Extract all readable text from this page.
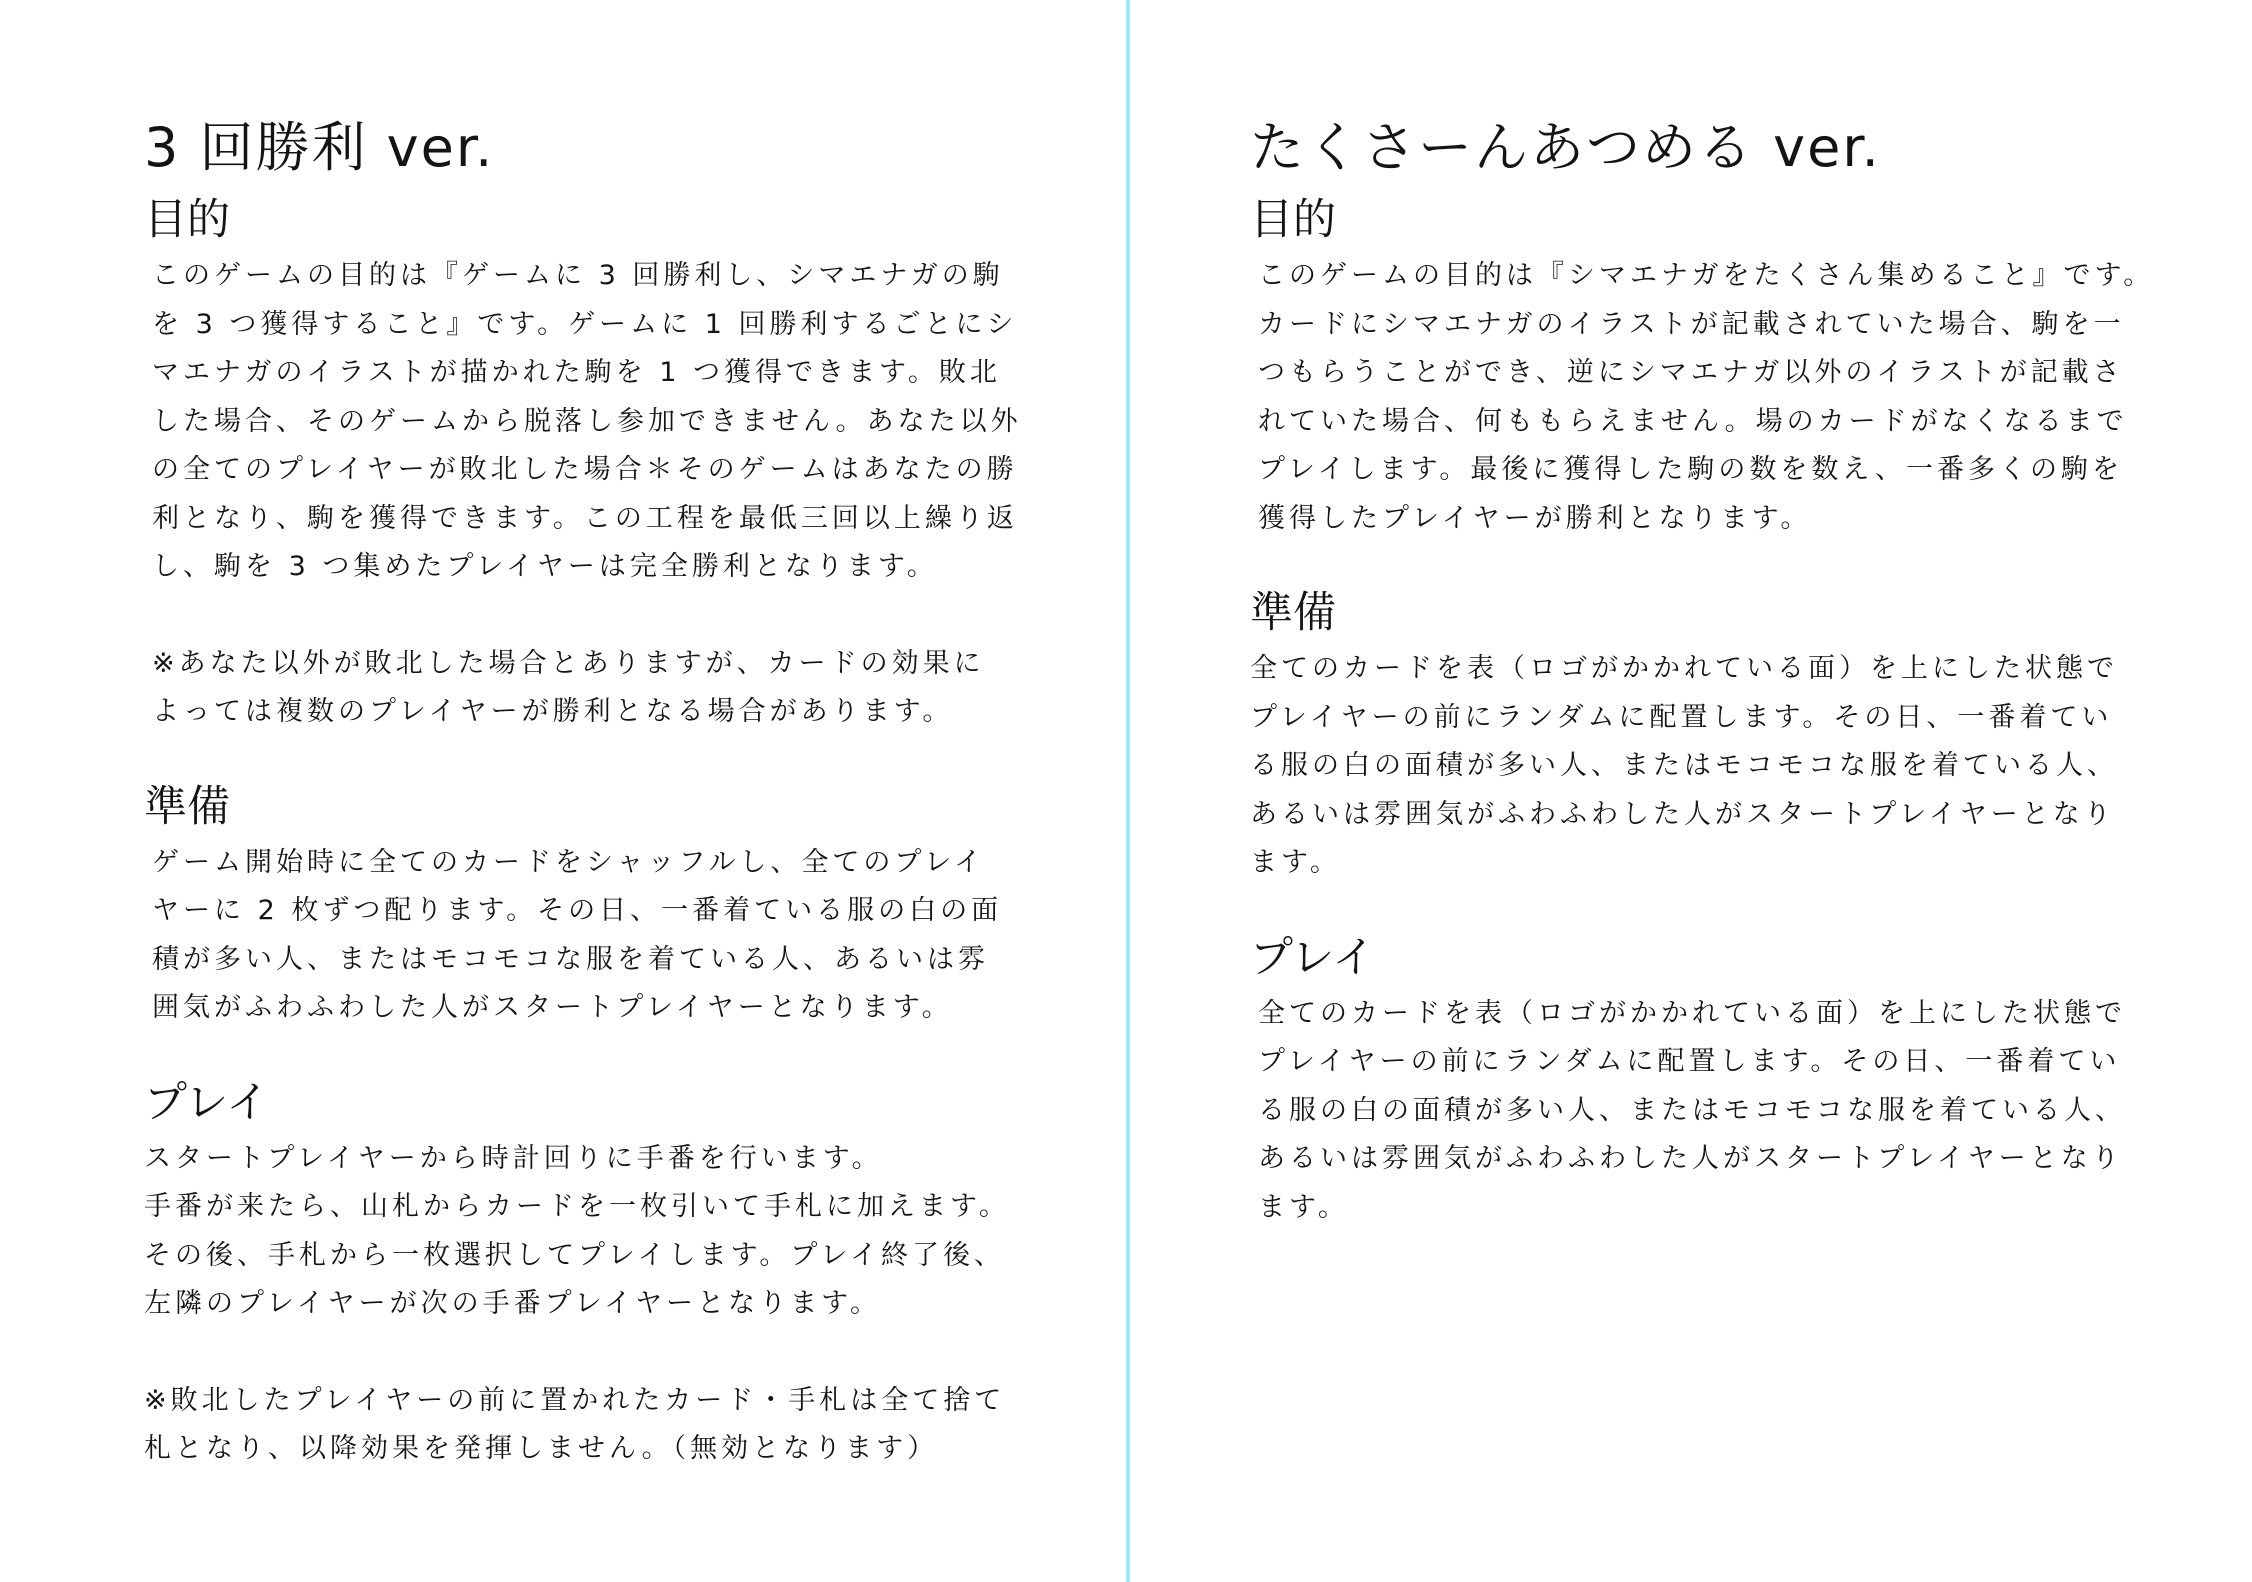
3 回勝利 ver.
目的

このゲームの目的は『ゲームに 3 回勝利し、シマエナガの駒
を 3 つ獲得すること』です。ゲームに 1 回勝利するごとにシ
マエナガのイラストが描かれた駒を 1 つ獲得できます。敗北
した場合、そのゲームから脱落し参加できません。あなた以外
の全てのプレイヤーが敗北した場合＊そのゲームはあなたの勝
利となり、駒を獲得できます。この工程を最低三回以上繰り返
し、駒を 3 つ集めたプレイヤーは完全勝利となります。

※あなた以外が敗北した場合とありますが、カードの効果に
よっては複数のプレイヤーが勝利となる場合があります。

準備

ゲーム開始時に全てのカードをシャッフルし、全てのプレイ
ヤーに 2 枚ずつ配ります。その日、一番着ている服の白の面
積が多い人、またはモコモコな服を着ている人、あるいは雰
囲気がふわふわした人がスタートプレイヤーとなります。

プレイ

スタートプレイヤーから時計回りに手番を行います。
手番が来たら、山札からカードを一枚引いて手札に加えます。
その後、手札から一枚選択してプレイします。プレイ終了後、
左隣のプレイヤーが次の手番プレイヤーとなります。

※敗北したプレイヤーの前に置かれたカード・手札は全て捨て
札となり、以降効果を発揮しません。（無効となります）

たくさーんあつめる ver.
目的

このゲームの目的は『シマエナガをたくさん集めること』です。
カードにシマエナガのイラストが記載されていた場合、駒を一
つもらうことができ、逆にシマエナガ以外のイラストが記載さ
れていた場合、何ももらえません。場のカードがなくなるまで
プレイします。最後に獲得した駒の数を数え、一番多くの駒を
獲得したプレイヤーが勝利となります。

準備

全てのカードを表（ロゴがかかれている面）を上にした状態で
プレイヤーの前にランダムに配置します。その日、一番着てい
る服の白の面積が多い人、またはモコモコな服を着ている人、
あるいは雰囲気がふわふわした人がスタートプレイヤーとなり
ます。

プレイ

全てのカードを表（ロゴがかかれている面）を上にした状態で
プレイヤーの前にランダムに配置します。その日、一番着てい
る服の白の面積が多い人、またはモコモコな服を着ている人、
あるいは雰囲気がふわふわした人がスタートプレイヤーとなり
ます。
